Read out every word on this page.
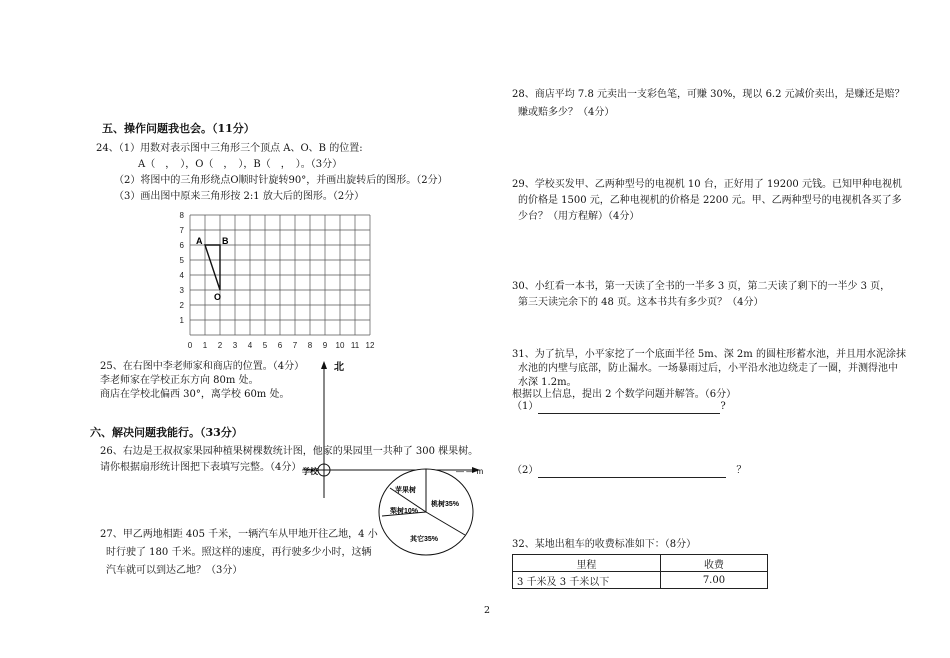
五、操作问题我也会。（11分）
24、（1）用数对表示图中三角形三个顶点 A、O、B 的位置:
A（　，　），O（　，　），B（　，　）。（3分）
（2）将图中的三角形绕点O顺时针旋转90°，并画出旋转后的图形。（2分）
（3）画出图中原来三角形按 2:1 放大后的图形。（2分）
8
7
6
5
4
3
2
1
0 1 2 3 4 5 6 7 8 9 10 11 12
A B
O
25、在右图中李老师家和商店的位置。（4分）
李老师家在学校正东方向 80m 处。
商店在学校北偏西 30°，离学校 60m 处。
北
学校	— — m
六、解决问题我能行。（33分）
26、右边是王叔叔家果园种植果树棵数统计图，他家的果园里一共种了 300 棵果树。
请你根据扇形统计图把下表填写完整。（4分）
苹果树
桃树35%
梨树10%
其它35%
27、甲乙两地相距 405 千米，一辆汽车从甲地开往乙地，4 小
时行驶了 180 千米。照这样的速度，再行驶多少小时，这辆
汽车就可以到达乙地？（3分）
28、商店平均 7.8 元卖出一支彩色笔，可赚 30%，现以 6.2 元减价卖出，是赚还是赔？
赚或赔多少？（4分）
29、学校买发甲、乙两种型号的电视机 10 台，正好用了 19200 元钱。已知甲种电视机
的价格是 1500 元，乙种电视机的价格是 2200 元。甲、乙两种型号的电视机各买了多
少台？（用方程解）（4分）
30、小红看一本书，第一天读了全书的一半多 3 页，第二天读了剩下的一半少 3 页，
第三天读完余下的 48 页。这本书共有多少页？（4分）
31、为了抗旱，小平家挖了一个底面半径 5m、深 2m 的圆柱形蓄水池，并且用水泥涂抹
水池的内壁与底部，防止漏水。一场暴雨过后，小平沿水池边绕走了一圈，并测得池中
水深 1.2m。
根据以上信息，提出 2 个数学问题并解答。（6分）
（1）	?
（2）	？
32、某地出租车的收费标准如下：（8分）
里程	收费
3 千米及 3 千米以下	7.00
2
